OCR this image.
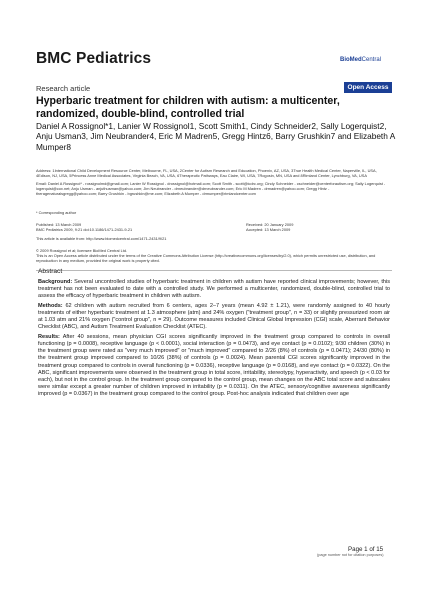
BMC Pediatrics	BioMedCentral
Research article	Open Access
Hyperbaric treatment for children with autism: a multicenter, randomized, double-blind, controlled trial
Daniel A Rossignol*1, Lanier W Rossignol1, Scott Smith1, Cindy Schneider2, Sally Logerquist2, Anju Usman3, Jim Neubrander4, Eric M Madren5, Gregg Hintz6, Barry Grushkin7 and Elizabeth A Mumper8
Address: 1International Child Development Resource Center, Melbourne, FL, USA, 2Center for Autism Research and Education, Phoenix, AZ, USA, 3True Health Medical Center, Naperville, IL, USA, 4Edison, NJ, USA, 5Princess Anne Medical Associates, Virginia Beach, VA, USA, 6Therapeutic Pathways, Eau Claire, WI, USA, 7Rogosin, MN, USA and 8Rimland Center, Lynchburg, VA, USA
Email: Daniel A Rossignol* - rossignolmd@gmail.com; Lanier W Rossignol - drossignol@hotmail.com; Scott Smith - scott@icdrc.org; Cindy Schneider - cschneider@centerforautism.org; Sally Logerquist - logerquist@cox.net; Anju Usman - anjuthusman@yahoo.com; Jim Neubrander - drneubrander@drneubrander.com; Eric M Madren - drmadren@yahoo.com; Gregg Hintz - theragenaturalsgregg@yahoo.com; Barry Grushkin - bgrushkin@me.com; Elizabeth A Mumper - drmumper@rimlandcenter.com
* Corresponding author
Published: 13 March 2009
BMC Pediatrics 2009, 9:21 doi:10.1186/1471-2431-9-21
Received: 20 January 2009
Accepted: 13 March 2009
This article is available from: http://www.biomedcentral.com/1471-2431/9/21
© 2009 Rossignol et al; licensee BioMed Central Ltd.
This is an Open Access article distributed under the terms of the Creative Commons Attribution License (http://creativecommons.org/licenses/by/2.0), which permits unrestricted use, distribution, and reproduction in any medium, provided the original work is properly cited.
Abstract

Background: Several uncontrolled studies of hyperbaric treatment in children with autism have reported clinical improvements; however, this treatment has not been evaluated to date with a controlled study. We performed a multicenter, randomized, double-blind, controlled trial to assess the efficacy of hyperbaric treatment in children with autism.

Methods: 62 children with autism recruited from 6 centers, ages 2–7 years (mean 4.92 ± 1.21), were randomly assigned to 40 hourly treatments of either hyperbaric treatment at 1.3 atmosphere (atm) and 24% oxygen ("treatment group", n = 33) or slightly pressurized room air at 1.03 atm and 21% oxygen ("control group", n = 29). Outcome measures included Clinical Global Impression (CGI) scale, Aberrant Behavior Checklist (ABC), and Autism Treatment Evaluation Checklist (ATEC).

Results: After 40 sessions, mean physician CGI scores significantly improved in the treatment group compared to controls in overall functioning (p = 0.0008), receptive language (p < 0.0001), social interaction (p = 0.0473), and eye contact (p = 0.0102); 9/30 children (30%) in the treatment group were rated as "very much improved" or "much improved" compared to 2/26 (8%) of controls (p = 0.0471); 24/30 (80%) in the treatment group improved compared to 10/26 (38%) of controls (p = 0.0024). Mean parental CGI scores significantly improved in the treatment group compared to controls in overall functioning (p = 0.0336), receptive language (p = 0.0168), and eye contact (p = 0.0322). On the ABC, significant improvements were observed in the treatment group in total score, irritability, stereotypy, hyperactivity, and speech (p < 0.03 for each), but not in the control group. In the treatment group compared to the control group, mean changes on the ABC total score and subscales were similar except a greater number of children improved in irritability (p = 0.0311). On the ATEC, sensory/cognitive awareness significantly improved (p = 0.0367) in the treatment group compared to the control group. Post-hoc analysis indicated that children over age

Page 1 of 15
(page number not for citation purposes)
